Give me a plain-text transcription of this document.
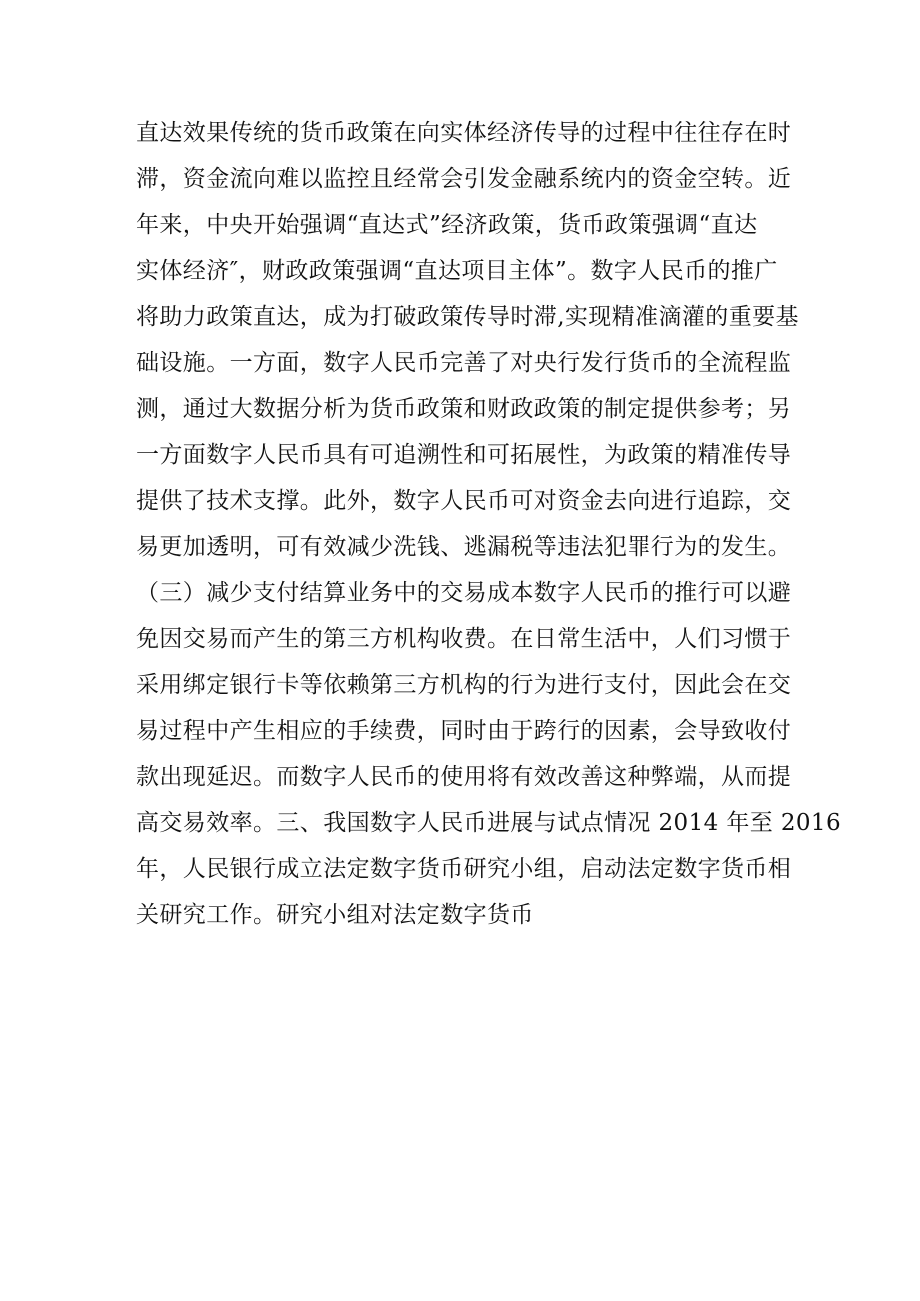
直达效果传统的货币政策在向实体经济传导的过程中往往存在时
滞，资金流向难以监控且经常会引发金融系统内的资金空转。近
年来，中央开始强调“直达式”经济政策，货币政策强调“直达
实体经济″，财政政策强调“直达项目主体”。数字人民币的推广
将助力政策直达，成为打破政策传导时滞,实现精准滴灌的重要基
础设施。一方面，数字人民币完善了对央行发行货币的全流程监
测，通过大数据分析为货币政策和财政政策的制定提供参考；另
一方面数字人民币具有可追溯性和可拓展性，为政策的精准传导
提供了技术支撑。此外，数字人民币可对资金去向进行追踪，交
易更加透明，可有效减少洗钱、逃漏税等违法犯罪行为的发生。
（三）减少支付结算业务中的交易成本数字人民币的推行可以避
免因交易而产生的第三方机构收费。在日常生活中，人们习惯于
采用绑定银行卡等依赖第三方机构的行为进行支付，因此会在交
易过程中产生相应的手续费，同时由于跨行的因素，会导致收付
款出现延迟。而数字人民币的使用将有效改善这种弊端，从而提
高交易效率。三、我国数字人民币进展与试点情况 2014 年至 2016
年，人民银行成立法定数字货币研究小组，启动法定数字货币相
关研究工作。研究小组对法定数字货币
